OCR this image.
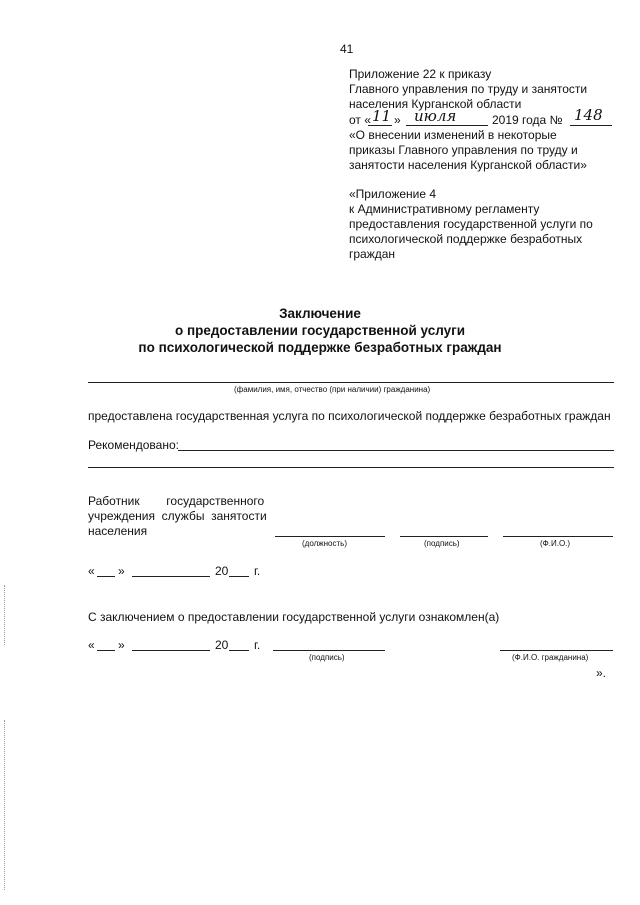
41
Приложение 22 к приказу
Главного управления по труду и занятости
населения Курганской области
от « 11 » июля	2019 года № 148
«О внесении изменений в некоторые
приказы Главного управления по труду и
занятости населения Курганской области»
«Приложение 4
к Административному регламенту
предоставления государственной услуги по
психологической поддержке безработных
граждан
Заключение
о предоставлении государственной услуги
по психологической поддержке безработных граждан
(фамилия, имя, отчество (при наличии) гражданина)
предоставлена государственная услуга по психологической поддержке безработных граждан
Рекомендовано:
Работник        государственного
учреждения  службы  занятости
населения
(должность)	(подпись)	(Ф.И.О.)
« »	20 г.
С заключением о предоставлении государственной услуги ознакомлен(а)
« »	20 г.
(подпись)	(Ф.И.О. гражданина)
».
